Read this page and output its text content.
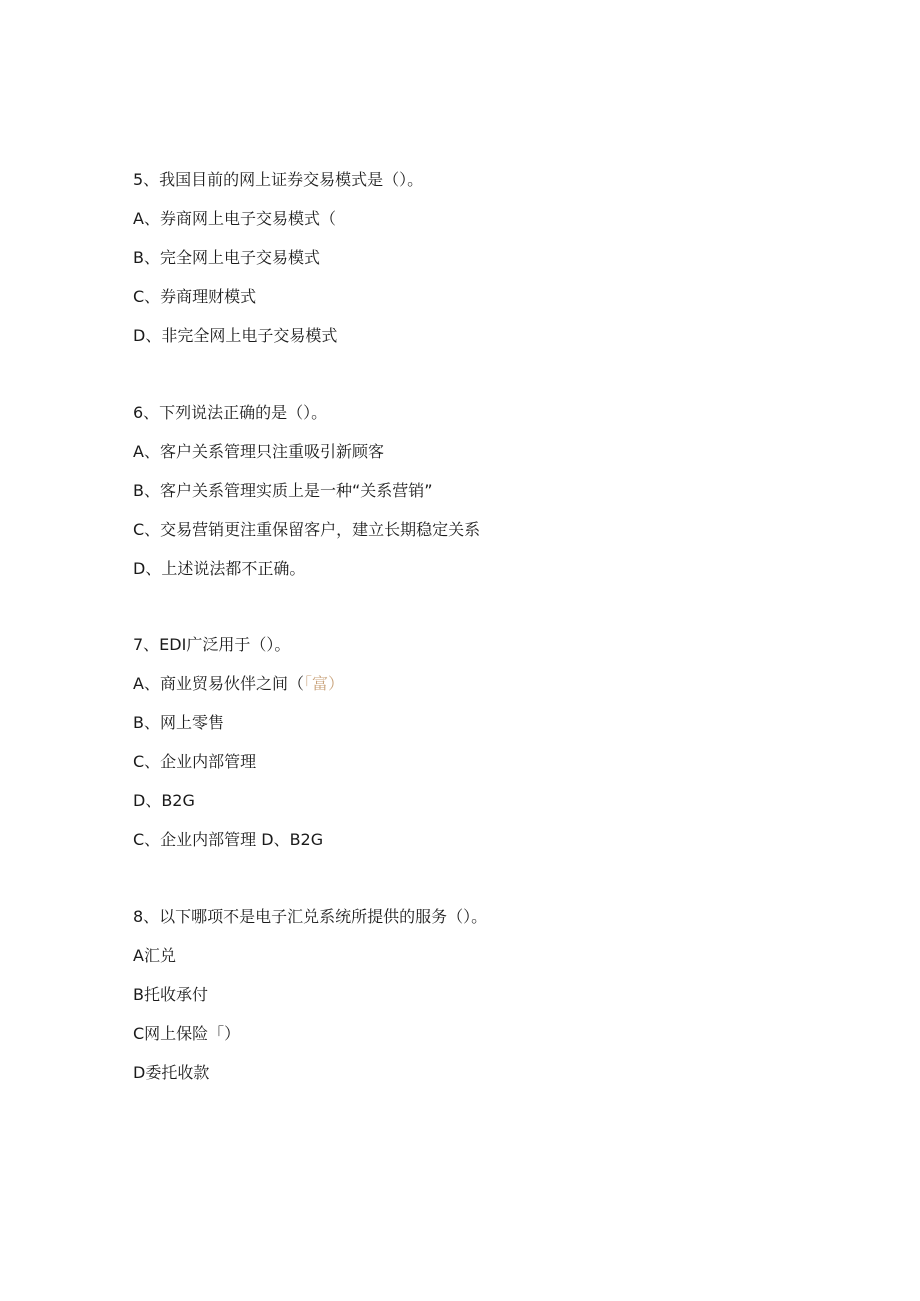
5、我国目前的网上证券交易模式是（）。
A、券商网上电子交易模式（
B、完全网上电子交易模式
C、券商理财模式
D、非完全网上电子交易模式
6、下列说法正确的是（）。
A、客户关系管理只注重吸引新顾客
B、客户关系管理实质上是一种“关系营销”
C、交易营销更注重保留客户，建立长期稳定关系
D、上述说法都不正确。
7、EDI广泛用于（）。
A、商业贸易伙伴之间（「富）
B、网上零售
C、企业内部管理
D、B2G
C、企业内部管理 D、B2G
8、以下哪项不是电子汇兑系统所提供的服务（）。
A汇兑
B托收承付
C网上保险「）
D委托收款
